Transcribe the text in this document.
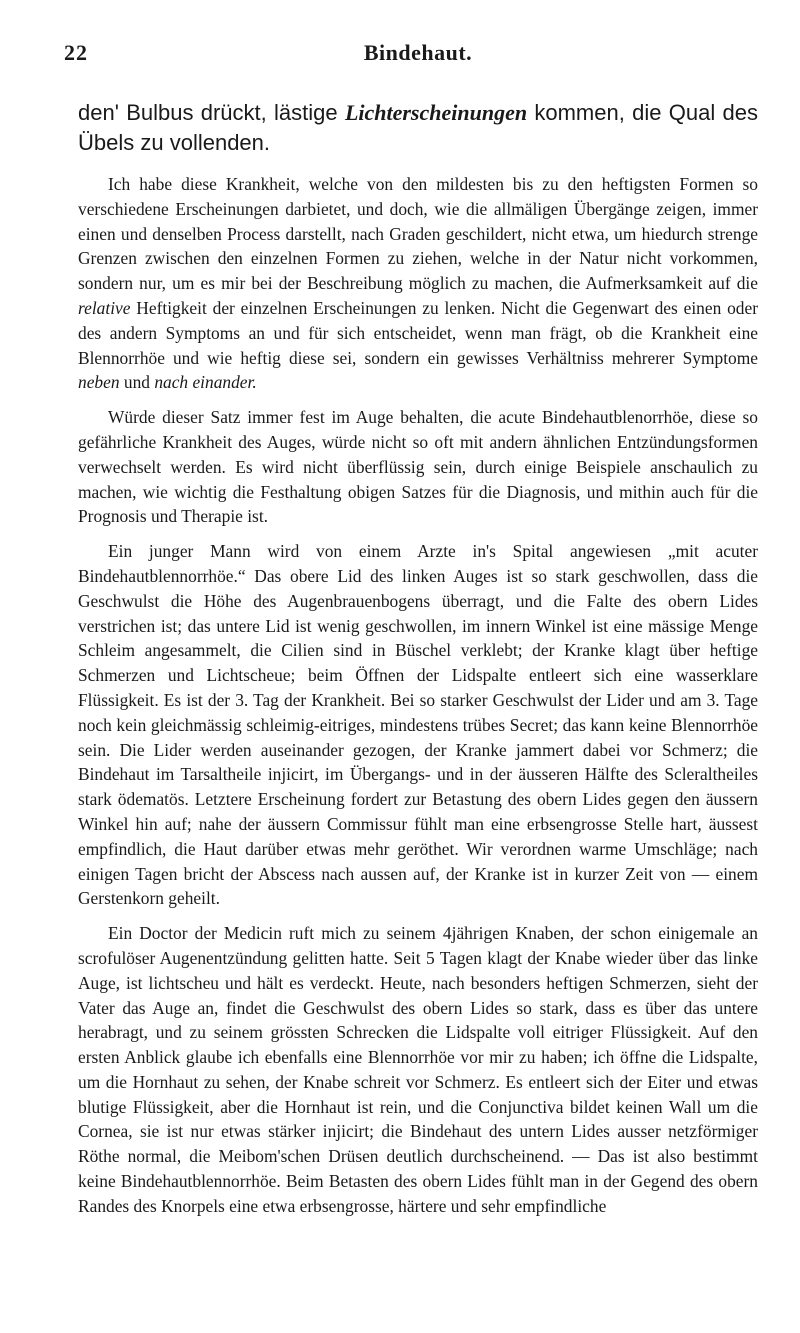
22	Bindehaut.

den' Bulbus drückt, lästige Lichterscheinungen kommen, die Qual des Übels zu vollenden.

Ich habe diese Krankheit, welche von den mildesten bis zu den heftigsten Formen so verschiedene Erscheinungen darbietet, und doch, wie die allmäligen Übergänge zeigen, immer einen und denselben Process darstellt, nach Graden geschildert, nicht etwa, um hiedurch strenge Grenzen zwischen den einzelnen Formen zu ziehen, welche in der Natur nicht vorkommen, sondern nur, um es mir bei der Beschreibung möglich zu machen, die Aufmerksamkeit auf die relative Heftigkeit der einzelnen Erscheinungen zu lenken. Nicht die Gegenwart des einen oder des andern Symptoms an und für sich entscheidet, wenn man frägt, ob die Krankheit eine Blennorrhöe und wie heftig diese sei, sondern ein gewisses Verhältniss mehrerer Symptome neben und nach einander.

Würde dieser Satz immer fest im Auge behalten, die acute Bindehautblenorrhöe, diese so gefährliche Krankheit des Auges, würde nicht so oft mit andern ähnlichen Entzündungsformen verwechselt werden. Es wird nicht überflüssig sein, durch einige Beispiele anschaulich zu machen, wie wichtig die Festhaltung obigen Satzes für die Diagnosis, und mithin auch für die Prognosis und Therapie ist.

Ein junger Mann wird von einem Arzte in's Spital angewiesen „mit acuter Bindehautblennorrhöe.“ Das obere Lid des linken Auges ist so stark geschwollen, dass die Geschwulst die Höhe des Augenbrauenbogens überragt, und die Falte des obern Lides verstrichen ist; das untere Lid ist wenig geschwollen, im innern Winkel ist eine mässige Menge Schleim angesammelt, die Cilien sind in Büschel verklebt; der Kranke klagt über heftige Schmerzen und Lichtscheue; beim Öffnen der Lidspalte entleert sich eine wasserklare Flüssigkeit. Es ist der 3. Tag der Krankheit. Bei so starker Geschwulst der Lider und am 3. Tage noch kein gleichmässig schleimig-eitriges, mindestens trübes Secret; das kann keine Blennorrhöe sein. Die Lider werden auseinander gezogen, der Kranke jammert dabei vor Schmerz; die Bindehaut im Tarsaltheile injicirt, im Übergangs- und in der äusseren Hälfte des Scleraltheiles stark ödematös. Letztere Erscheinung fordert zur Betastung des obern Lides gegen den äussern Winkel hin auf; nahe der äussern Commissur fühlt man eine erbsengrosse Stelle hart, äussest empfindlich, die Haut darüber etwas mehr geröthet. Wir verordnen warme Umschläge; nach einigen Tagen bricht der Abscess nach aussen auf, der Kranke ist in kurzer Zeit von — einem Gerstenkorn geheilt.

Ein Doctor der Medicin ruft mich zu seinem 4jährigen Knaben, der schon einigemale an scrofulöser Augenentzündung gelitten hatte. Seit 5 Tagen klagt der Knabe wieder über das linke Auge, ist lichtscheu und hält es verdeckt. Heute, nach besonders heftigen Schmerzen, sieht der Vater das Auge an, findet die Geschwulst des obern Lides so stark, dass es über das untere herabragt, und zu seinem grössten Schrecken die Lidspalte voll eitriger Flüssigkeit. Auf den ersten Anblick glaube ich ebenfalls eine Blennorrhöe vor mir zu haben; ich öffne die Lidspalte, um die Hornhaut zu sehen, der Knabe schreit vor Schmerz. Es entleert sich der Eiter und etwas blutige Flüssigkeit, aber die Hornhaut ist rein, und die Conjunctiva bildet keinen Wall um die Cornea, sie ist nur etwas stärker injicirt; die Bindehaut des untern Lides ausser netzförmiger Röthe normal, die Meibom'schen Drüsen deutlich durchscheinend. — Das ist also bestimmt keine Bindehautblennorrhöe. Beim Betasten des obern Lides fühlt man in der Gegend des obern Randes des Knorpels eine etwa erbsengrosse, härtere und sehr empfindliche
